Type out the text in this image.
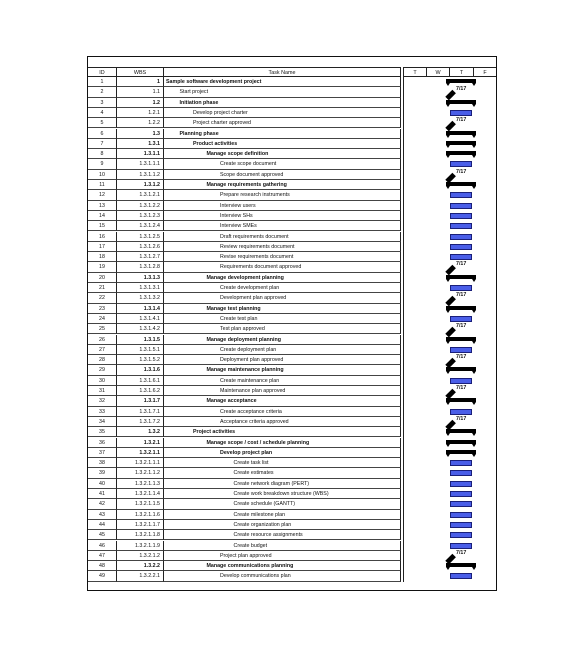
ID	WBS	Task Name	T	W	T	F
1	1	Sample software development project
2	1.1	Start project	7/17
3	1.2	Initiation phase
4	1.2.1	Develop project charter
5	1.2.2	Project charter approved	7/17
6	1.3	Planning phase
7	1.3.1	Product activities
8	1.3.1.1	Manage scope definition
9	1.3.1.1.1	Create scope document
10	1.3.1.1.2	Scope document approved	7/17
11	1.3.1.2	Manage requirements gathering
12	1.3.1.2.1	Prepare research instruments
13	1.3.1.2.2	Interview users
14	1.3.1.2.3	Interview SHs
15	1.3.1.2.4	Interview SMEs
16	1.3.1.2.5	Draft requirements document
17	1.3.1.2.6	Review requirements document
18	1.3.1.2.7	Revise requirements document
19	1.3.1.2.8	Requirements document approved	7/17
20	1.3.1.3	Manage development planning
21	1.3.1.3.1	Create development plan
22	1.3.1.3.2	Development plan approved	7/17
23	1.3.1.4	Manage test planning
24	1.3.1.4.1	Create test plan
25	1.3.1.4.2	Test plan approved	7/17
26	1.3.1.5	Manage deployment planning
27	1.3.1.5.1	Create deployment plan
28	1.3.1.5.2	Deployment plan approved	7/17
29	1.3.1.6	Manage maintenance planning
30	1.3.1.6.1	Create maintenance plan
31	1.3.1.6.2	Maintenance plan approved	7/17
32	1.3.1.7	Manage acceptance
33	1.3.1.7.1	Create acceptance criteria
34	1.3.1.7.2	Acceptance criteria approved	7/17
35	1.3.2	Project activities
36	1.3.2.1	Manage scope / cost / schedule planning
37	1.3.2.1.1	Develop project plan
38	1.3.2.1.1.1	Create task list
39	1.3.2.1.1.2	Create estimates
40	1.3.2.1.1.3	Create network diagram (PERT)
41	1.3.2.1.1.4	Create work breakdown structure (WBS)
42	1.3.2.1.1.5	Create schedule (GANTT)
43	1.3.2.1.1.6	Create milestone plan
44	1.3.2.1.1.7	Create organization plan
45	1.3.2.1.1.8	Create resource assignments
46	1.3.2.1.1.9	Create budget
47	1.3.2.1.2	Project plan approved	7/17
48	1.3.2.2	Manage communications planning
49	1.3.2.2.1	Develop communications plan
